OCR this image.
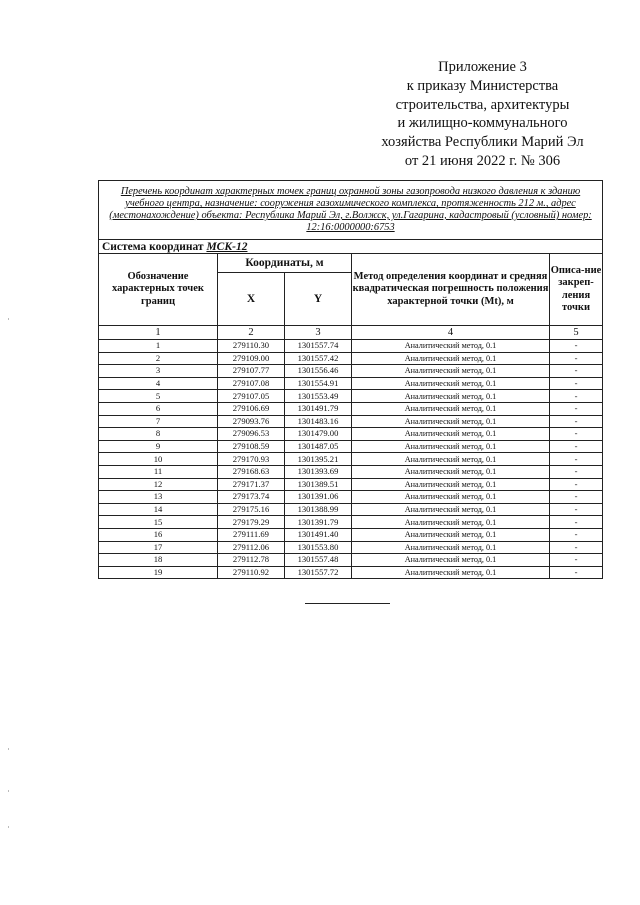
Приложение 3
к приказу Министерства
строительства, архитектуры
и жилищно-коммунального
хозяйства Республики Марий Эл
от 21 июня 2022 г. № 306
Перечень координат характерных точек границ охранной зоны газопровода низкого давления к зданию учебного центра, назначение: сооружения газохимического комплекса, протяженность 212 м., адрес (местонахождение) объекта: Республика Марий Эл, г.Волжск, ул.Гагарина, кадастровый (условный) номер: 12:16:0000000:6753				
Система координат МСК-12				
Обозначение характерных точек границ	Координаты, м		Метод определения координат и средняя квадратическая погрешность положения характерной точки (Mt), м	Описа-ние закреп-ления точки
	X	Y		
1	2	3	4	5
1	279110.30	1301557.74	Аналитический метод, 0.1	-
2	279109.00	1301557.42	Аналитический метод, 0.1	-
3	279107.77	1301556.46	Аналитический метод, 0.1	-
4	279107.08	1301554.91	Аналитический метод, 0.1	-
5	279107.05	1301553.49	Аналитический метод, 0.1	-
6	279106.69	1301491.79	Аналитический метод, 0.1	-
7	279093.76	1301483.16	Аналитический метод, 0.1	-
8	279096.53	1301479.00	Аналитический метод, 0.1	-
9	279108.59	1301487.05	Аналитический метод, 0.1	-
10	279170.93	1301395.21	Аналитический метод, 0.1	-
11	279168.63	1301393.69	Аналитический метод, 0.1	-
12	279171.37	1301389.51	Аналитический метод, 0.1	-
13	279173.74	1301391.06	Аналитический метод, 0.1	-
14	279175.16	1301388.99	Аналитический метод, 0.1	-
15	279179.29	1301391.79	Аналитический метод, 0.1	-
16	279111.69	1301491.40	Аналитический метод, 0.1	-
17	279112.06	1301553.80	Аналитический метод, 0.1	-
18	279112.78	1301557.48	Аналитический метод, 0.1	-
19	279110.92	1301557.72	Аналитический метод, 0.1	-
